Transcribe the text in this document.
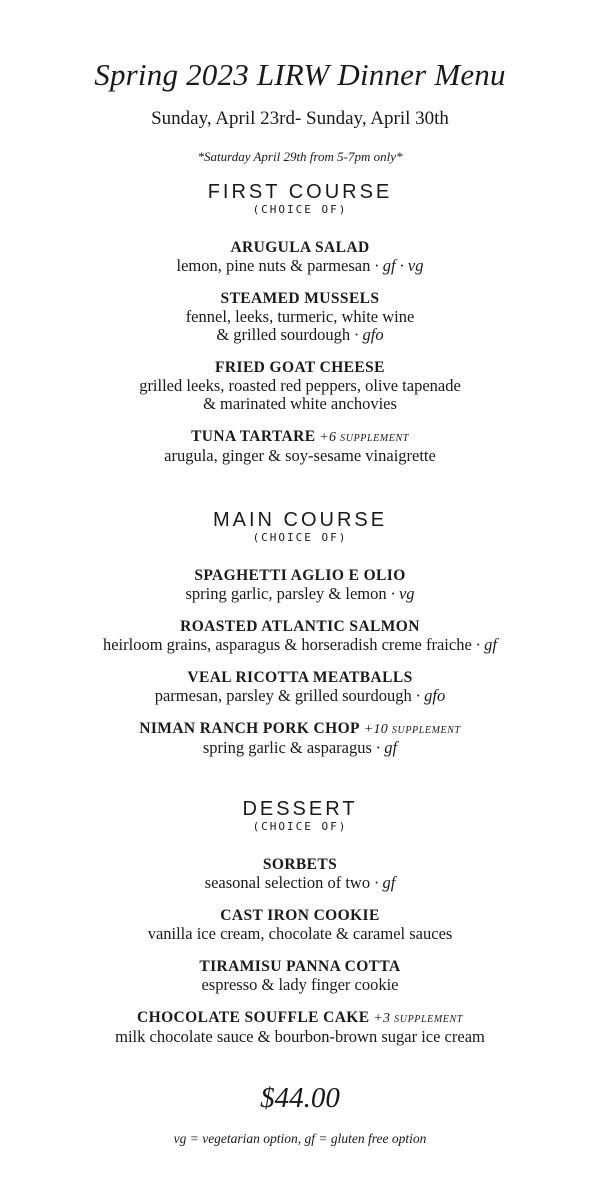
Spring 2023 LIRW Dinner Menu
Sunday, April 23rd- Sunday, April 30th
*Saturday April 29th from 5-7pm only*
FIRST COURSE
(CHOICE OF)
ARUGULA SALAD
lemon, pine nuts & parmesan · gf · vg
STEAMED MUSSELS
fennel, leeks, turmeric, white wine
& grilled sourdough · gfo
FRIED GOAT CHEESE
grilled leeks, roasted red peppers, olive tapenade
& marinated white anchovies
TUNA TARTARE +6 supplement
arugula, ginger & soy-sesame vinaigrette
MAIN COURSE
(CHOICE OF)
SPAGHETTI AGLIO E OLIO
spring garlic, parsley & lemon · vg
ROASTED ATLANTIC SALMON
heirloom grains, asparagus & horseradish creme fraiche · gf
VEAL RICOTTA MEATBALLS
parmesan, parsley & grilled sourdough · gfo
NIMAN RANCH PORK CHOP +10 supplement
spring garlic & asparagus · gf
DESSERT
(CHOICE OF)
SORBETS
seasonal selection of two · gf
CAST IRON COOKIE
vanilla ice cream, chocolate & caramel sauces
TIRAMISU PANNA COTTA
espresso & lady finger cookie
CHOCOLATE SOUFFLE CAKE +3 supplement
milk chocolate sauce & bourbon-brown sugar ice cream
$44.00
vg = vegetarian option, gf = gluten free option
